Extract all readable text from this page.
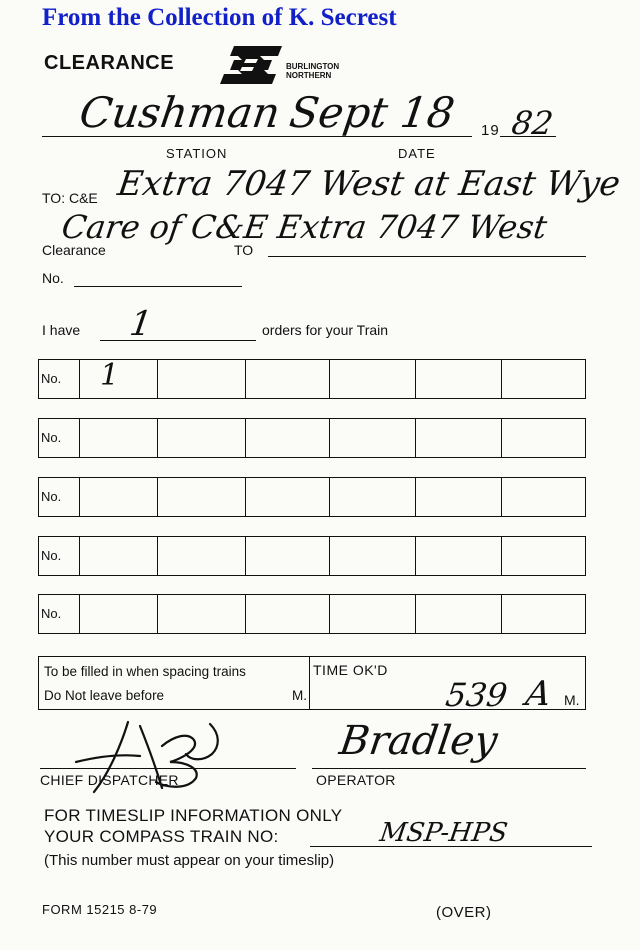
From the Collection of K. Secrest
CLEARANCE	BURLINGTON
NORTHERN
Cushman Sept 18 19 82
STATION	DATE
TO: C&E Extra 7047 West at East Wye
Care of C&E Extra 7047 West
Clearance	TO
No.
I have 1	orders for your Train
No. 1
No.
No.
No.
No.
To be filled in when spacing trains
Do Not leave before	M.
TIME OK'D
539 A M.
CHIEF DISPATCHER
Bradley
OPERATOR
FOR TIMESLIP INFORMATION ONLY
YOUR COMPASS TRAIN NO:	MSP-HPS
(This number must appear on your timeslip)
FORM 15215 8-79	(OVER)
